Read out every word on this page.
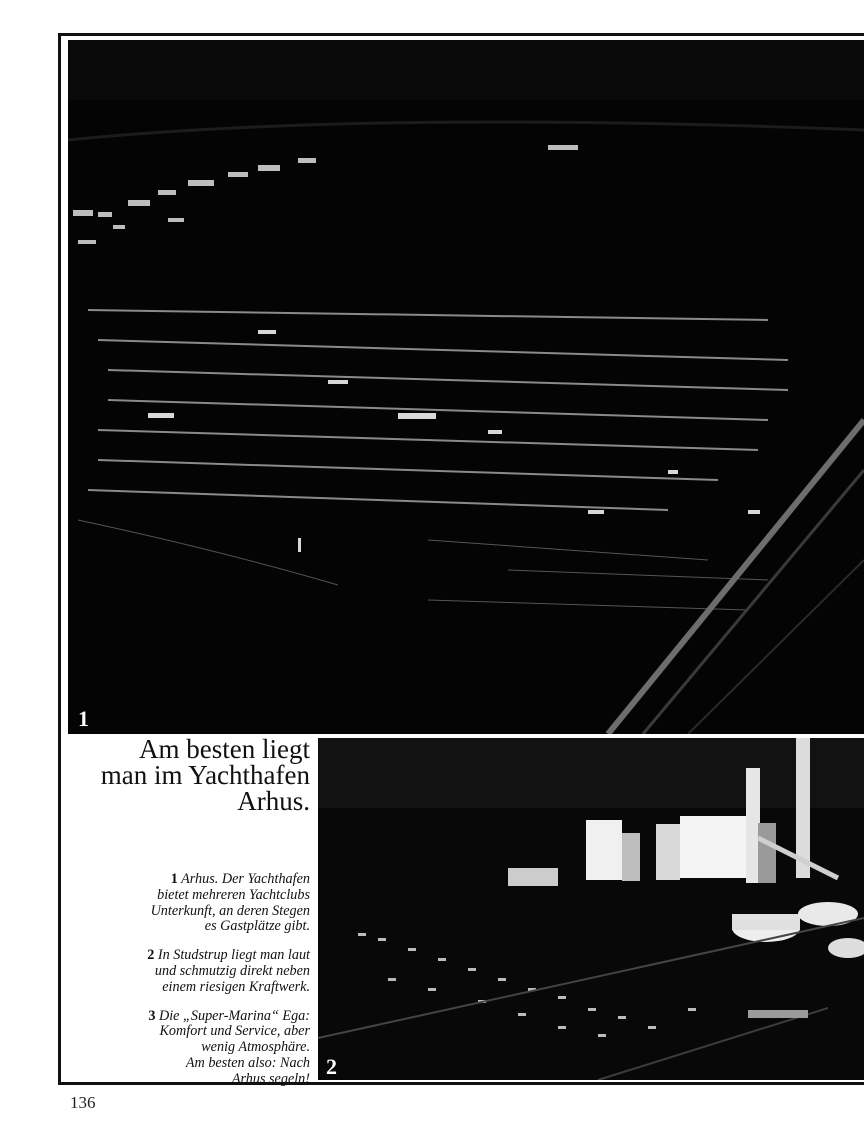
1
Am besten liegt
man im Yachthafen
Arhus.
1 Arhus. Der Yachthafen
bietet mehreren Yachtclubs
Unterkunft, an deren Stegen
es Gastplätze gibt.
2 In Studstrup liegt man laut
und schmutzig direkt neben
einem riesigen Kraftwerk.
3 Die „Super-Marina“ Ega:
Komfort und Service, aber
wenig Atmosphäre.
Am besten also: Nach
Arhus segeln! 2
136
